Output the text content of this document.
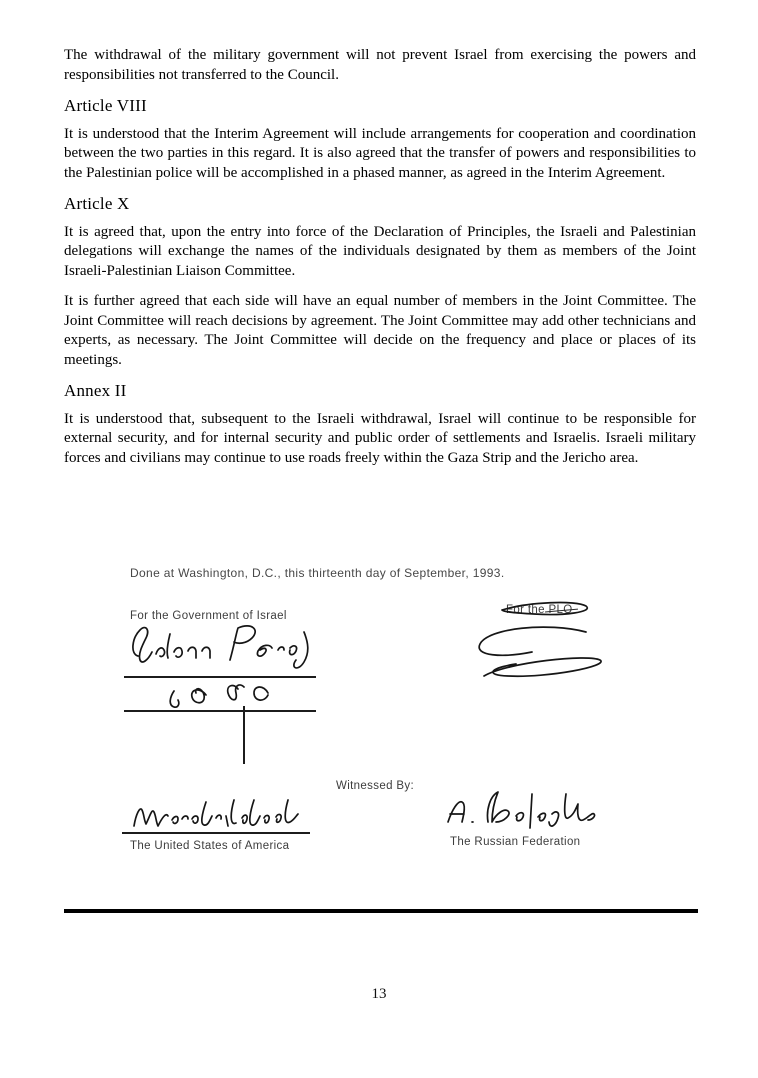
The withdrawal of the military government will not prevent Israel from exercising the powers and responsibilities not transferred to the Council.

Article VIII

It is understood that the Interim Agreement will include arrangements for cooperation and coordination between the two parties in this regard. It is also agreed that the transfer of powers and responsibilities to the Palestinian police will be accomplished in a phased manner, as agreed in the Interim Agreement.

Article X

It is agreed that, upon the entry into force of the Declaration of Principles, the Israeli and Palestinian delegations will exchange the names of the individuals designated by them as members of the Joint Israeli-Palestinian Liaison Committee.

It is further agreed that each side will have an equal number of members in the Joint Committee. The Joint Committee will reach decisions by agreement. The Joint Committee may add other technicians and experts, as necessary. The Joint Committee will decide on the frequency and place or places of its meetings.

Annex II

It is understood that, subsequent to the Israeli withdrawal, Israel will continue to be responsible for external security, and for internal security and public order of settlements and Israelis. Israeli military forces and civilians may continue to use roads freely within the Gaza Strip and the Jericho area.

Done at Washington, D.C., this thirteenth day of September, 1993.
For the Government of Israel	For the PLO
Witnessed By:
The United States of America	The Russian Federation
13
